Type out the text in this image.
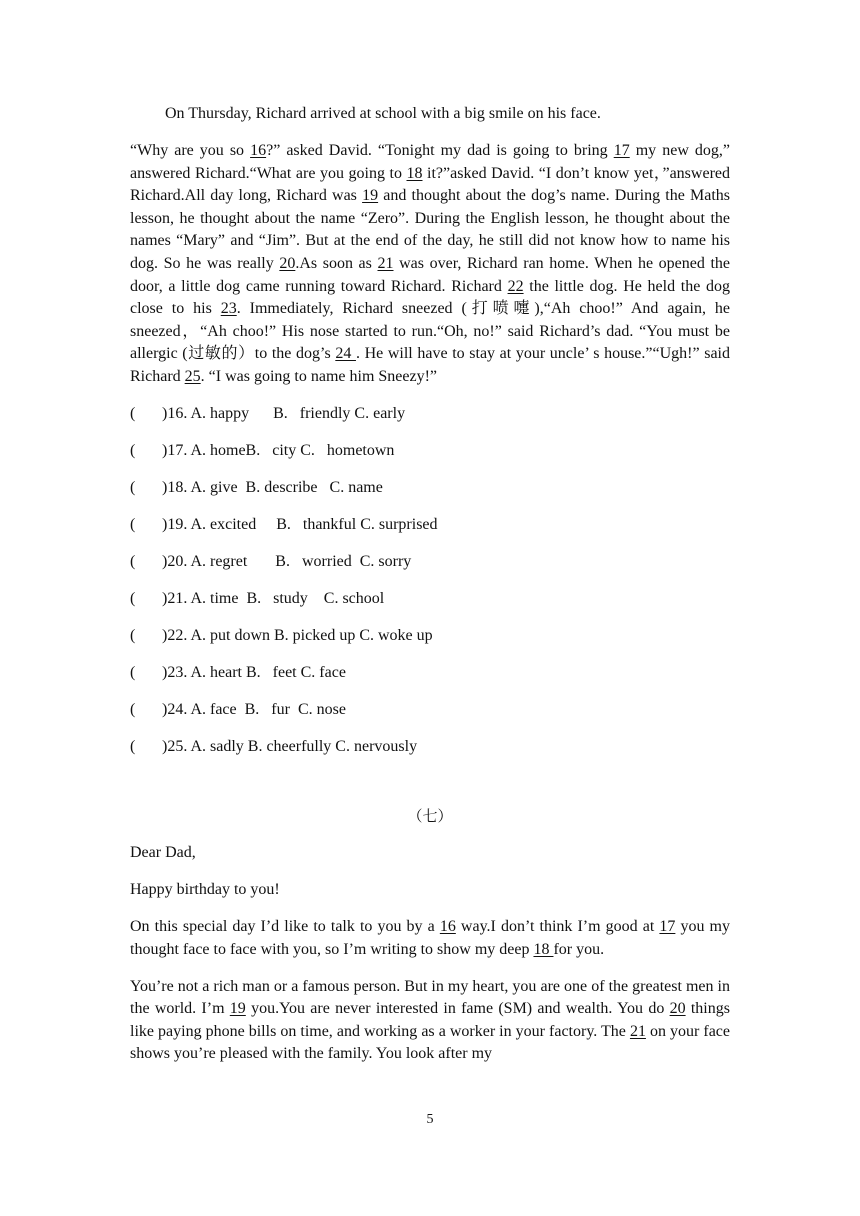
On Thursday, Richard arrived at school with a big smile on his face.

“Why are you so 16?” asked David. “Tonight my dad is going to bring 17 my new dog,” answered Richard.“What are you going to 18 it?”asked David. “I don’t know yet，”answered Richard.All day long, Richard was 19 and thought about the dog’s name. During the Maths lesson, he thought about the name “Zero”. During the English lesson, he thought about the names “Mary” and “Jim”. But at the end of the day, he still did not know how to name his dog. So he was really 20.As soon as 21 was over, Richard ran home. When he opened the door, a little dog came running toward Richard. Richard 22 the little dog. He held the dog close to his 23. Immediately, Richard sneezed (打喷嚏),“Ah choo!” And again, he sneezed，“Ah choo!” His nose started to run.“Oh, no!” said Richard’s dad. “You must be allergic (过敏的）to the dog’s 24 . He will have to stay at your uncle’ s house.”“Ugh!” said Richard 25. “I was going to name him Sneezy!”

(	)16. A. happy      B.   friendly C. early
(	)17. A. homeB.   city C.   hometown
(	)18. A. give  B. describe   C. name
(	)19. A. excited     B.   thankful C. surprised
(	)20. A. regret       B.   worried  C. sorry
(	)21. A. time  B.   study    C. school
(	)22. A. put down B. picked up C. woke up
(	)23. A. heart B.   feet C. face
(	)24. A. face  B.   fur  C. nose
(	)25. A. sadly B. cheerfully C. nervously

（七）

Dear Dad,

Happy birthday to you!

On this special day I’d like to talk to you by a 16 way.I don’t think I’m good at 17 you my thought face to face with you, so I’m writing to show my deep 18 for you.

You’re not a rich man or a famous person. But in my heart, you are one of the greatest men in the world. I’m 19 you.You are never interested in fame (SM) and wealth. You do 20 things like paying phone bills on time, and working as a worker in your factory. The 21 on your face shows you’re pleased with the family. You look after my

5
